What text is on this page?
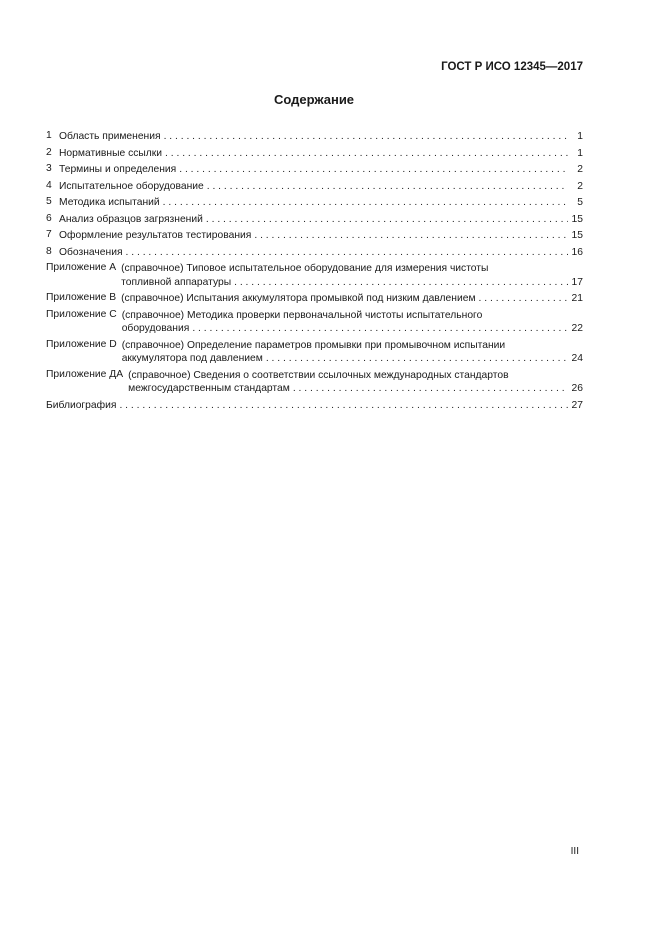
ГОСТ Р ИСО 12345—2017
Содержание
1 Область применения . . .	1
2 Нормативные ссылки . . .	1
3 Термины и определения . . .	2
4 Испытательное оборудование . . .	2
5 Методика испытаний . . .	5
6 Анализ образцов загрязнений . . .	15
7 Оформление результатов тестирования . . .	15
8 Обозначения . . .	16
Приложение А (справочное) Типовое испытательное оборудование для измерения чистоты
топливной аппаратуры . . .	17
Приложение В (справочное) Испытания аккумулятора промывкой под низким давлением . . .	21
Приложение С (справочное) Методика проверки первоначальной чистоты испытательного
оборудования . . .	22
Приложение D (справочное) Определение параметров промывки при промывочном испытании
аккумулятора под давлением . . .	24
Приложение ДА (справочное) Сведения о соответствии ссылочных международных стандартов
межгосударственным стандартам . . .	26
Библиография . . .	27
III
